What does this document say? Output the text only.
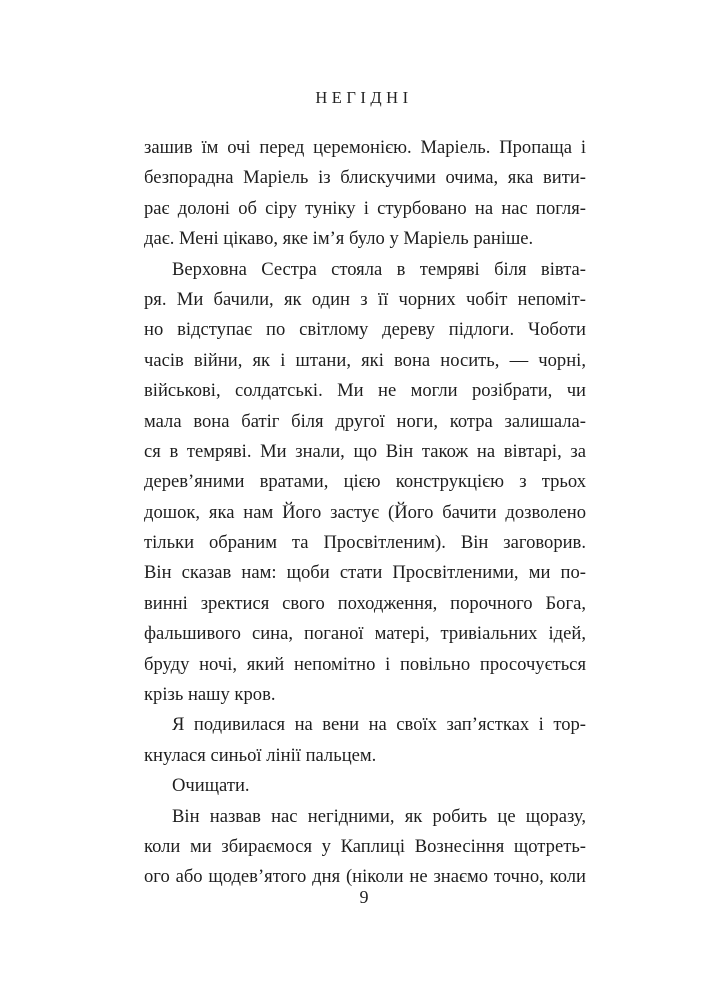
НЕГІДНІ
зашив їм очі перед церемонією. Маріель. Пропаща і
безпорадна Маріель із блискучими очима, яка вити-
рає долоні об сіру туніку і стурбовано на нас погля-
дає. Мені цікаво, яке ім’я було у Маріель раніше.
Верховна Сестра стояла в темряві біля вівта-
ря. Ми бачили, як один з її чорних чобіт непоміт-
но відступає по світлому дереву підлоги. Чоботи
часів війни, як і штани, які вона носить, — чорні,
військові, солдатські. Ми не могли розібрати, чи
мала вона батіг біля другої ноги, котра залишала-
ся в темряві. Ми знали, що Він також на вівтарі, за
дерев’яними вратами, цією конструкцією з трьох
дошок, яка нам Його застує (Його бачити дозволено
тільки обраним та Просвітленим). Він заговорив.
Він сказав нам: щоби стати Просвітленими, ми по-
винні зректися свого походження, порочного Бога,
фальшивого сина, поганої матері, тривіальних ідей,
бруду ночі, який непомітно і повільно просочується
крізь нашу кров.
Я подивилася на вени на своїх зап’ястках і тор-
кнулася синьої лінії пальцем.
Очищати.
Він назвав нас негідними, як робить це щоразу,
коли ми збираємося у Каплиці Вознесіння щотреть-
ого або щодев’ятого дня (ніколи не знаємо точно, коли
9
